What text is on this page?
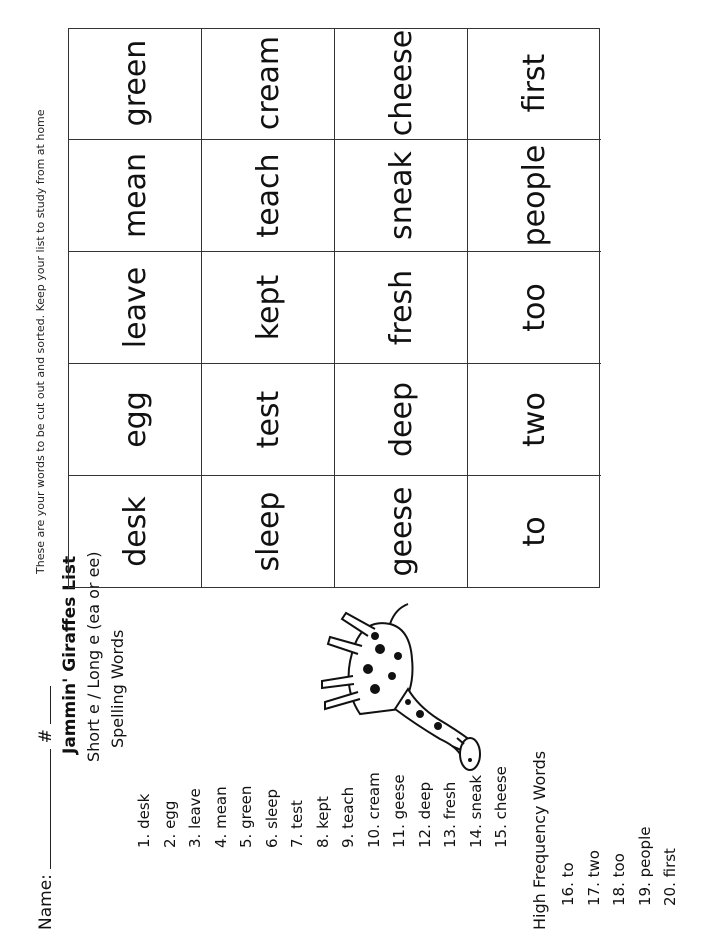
Name:  # Jammin' Giraffes List Short e / Long e (ea or ee) Spelling Words
1. desk 2. egg 3. leave 4. mean 5. green 6. sleep 7. test 8. kept 9. teach 10. cream 11. geese 12. deep 13. fresh 14. sneak 15. cheese High Frequency Words 16. to 17. two 18. too 19. people 20. first
These are your words to be cut out and sorted. Keep your list to study from at home desk
egg
leave
mean
green
sleep
test
kept
teach
cream
geese
deep
fresh
sneak
cheese
to
two
too
people
first
